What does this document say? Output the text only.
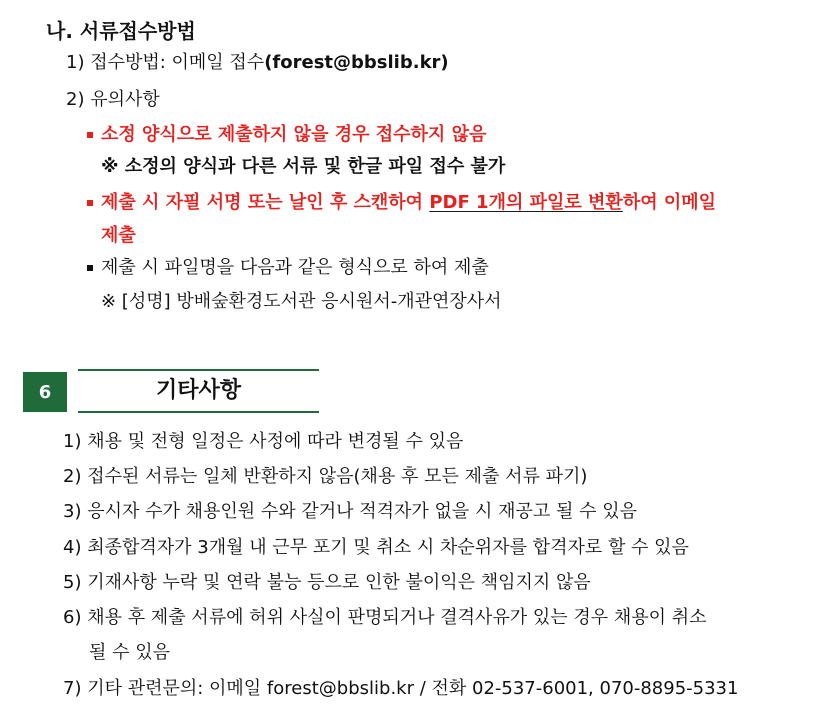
나. 서류접수방법
1) 접수방법: 이메일 접수(forest@bbslib.kr)
2) 유의사항
소정 양식으로 제출하지 않을 경우 접수하지 않음
※ 소정의 양식과 다른 서류 및 한글 파일 접수 불가
제출 시 자필 서명 또는 날인 후 스캔하여 PDF 1개의 파일로 변환하여 이메일
제출
제출 시 파일명을 다음과 같은 형식으로 하여 제출
※ [성명] 방배숲환경도서관 응시원서-개관연장사서
6	기타사항
1) 채용 및 전형 일정은 사정에 따라 변경될 수 있음
2) 접수된 서류는 일체 반환하지 않음(채용 후 모든 제출 서류 파기)
3) 응시자 수가 채용인원 수와 같거나 적격자가 없을 시 재공고 될 수 있음
4) 최종합격자가 3개월 내 근무 포기 및 취소 시 차순위자를 합격자로 할 수 있음
5) 기재사항 누락 및 연락 불능 등으로 인한 불이익은 책임지지 않음
6) 채용 후 제출 서류에 허위 사실이 판명되거나 결격사유가 있는 경우 채용이 취소
될 수 있음
7) 기타 관련문의: 이메일 forest@bbslib.kr / 전화 02-537-6001, 070-8895-5331
